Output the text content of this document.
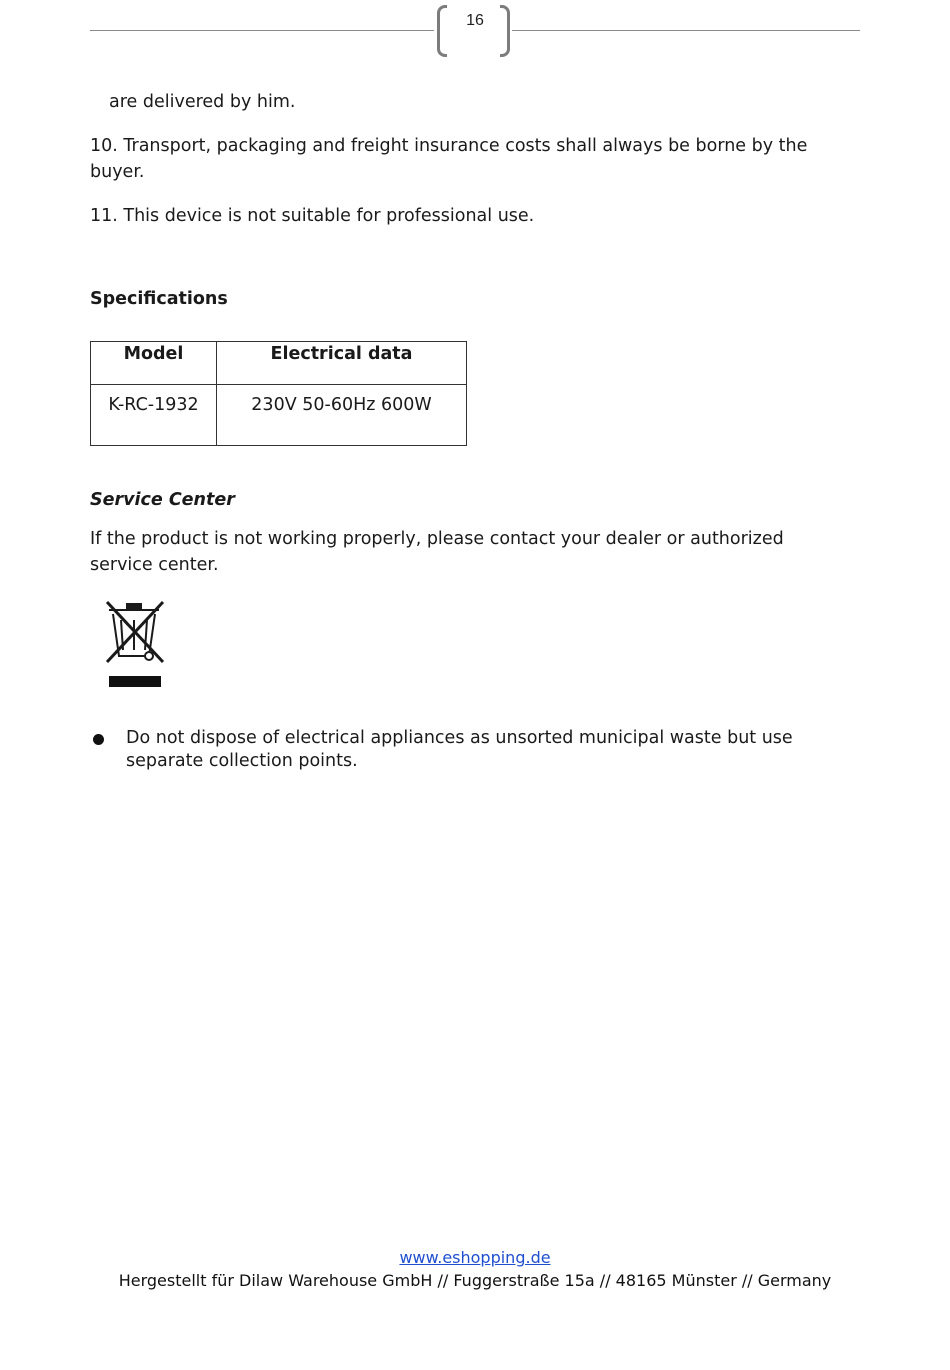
16

are delivered by him.

10. Transport, packaging and freight insurance costs shall always be borne by the buyer.

11. This device is not suitable for professional use.

Specifications
Model	Electrical data
K-RC-1932	230V 50-60Hz 600W
Service Center

If the product is not working properly, please contact your dealer or authorized service center.

Do not dispose of electrical appliances as unsorted municipal waste but use separate collection points.

www.eshopping.de
Hergestellt für Dilaw Warehouse GmbH // Fuggerstraße 15a // 48165 Münster // Germany
